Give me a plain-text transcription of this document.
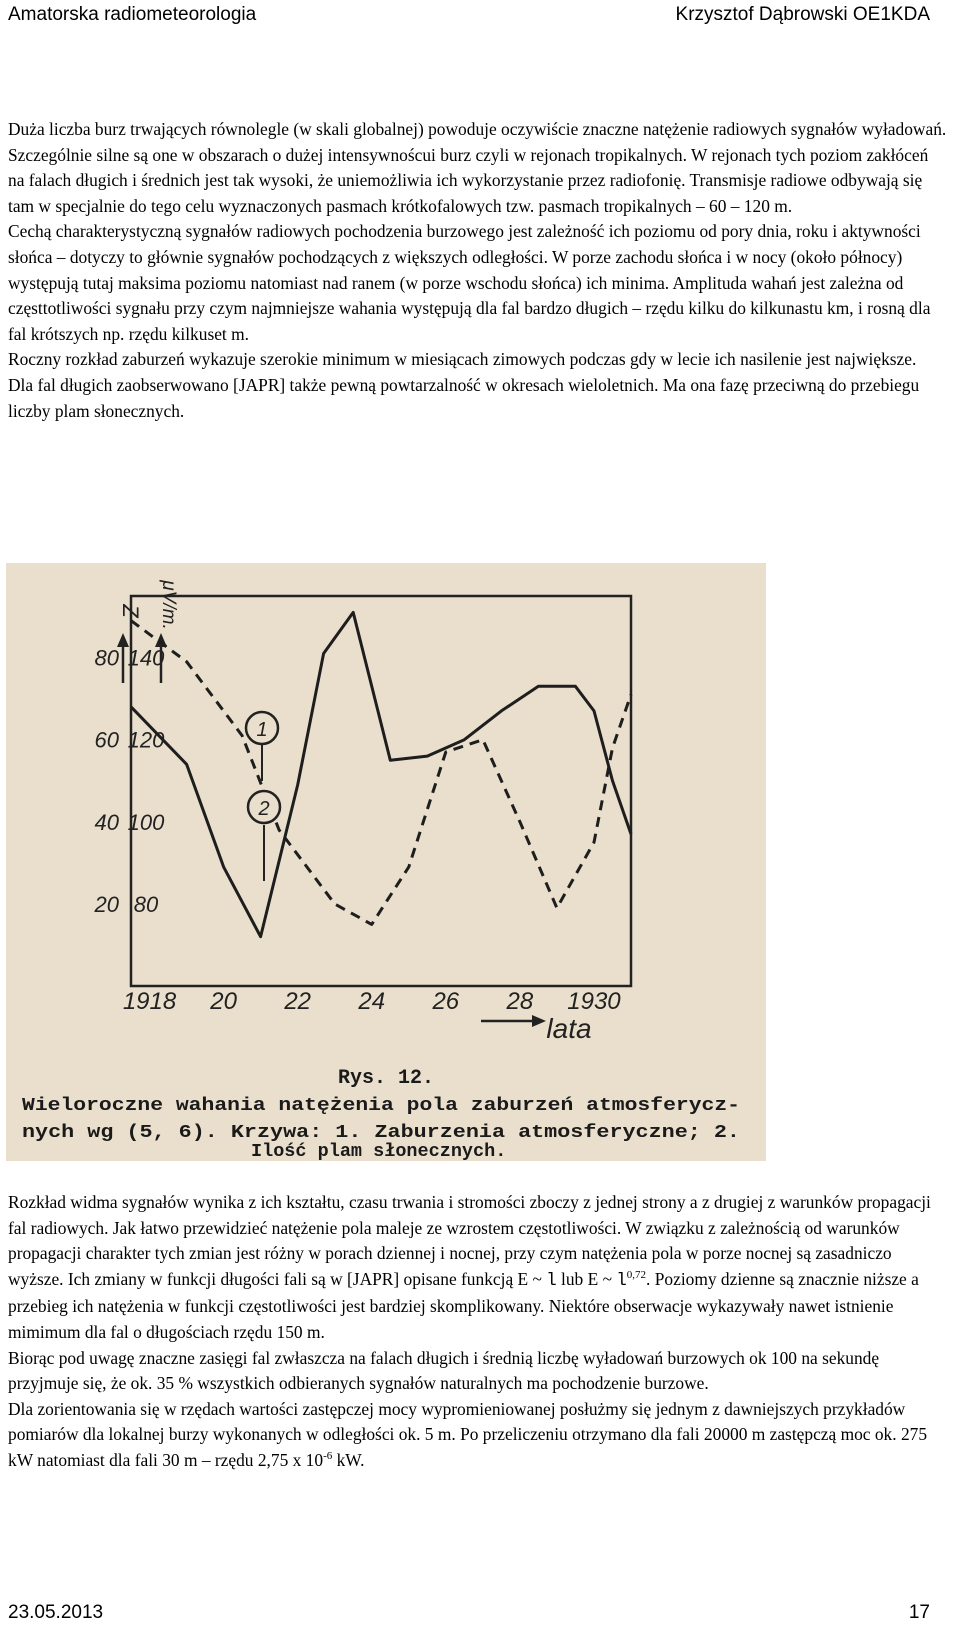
Amatorska radiometeorologia	Krzysztof Dąbrowski OE1KDA

Duża liczba burz trwających równolegle (w skali globalnej) powoduje oczywiście znaczne natężenie radiowych sygnałów wyładowań. Szczególnie silne są one w obszarach o dużej intensywnoścui burz czyli w rejonach tropikalnych. W rejonach tych poziom zakłóceń na falach długich i średnich jest tak wysoki, że uniemożliwia ich wykorzystanie przez radiofonię. Transmisje radiowe odbywają się tam w specjalnie do tego celu wyznaczonych pasmach krótkofalowych tzw. pasmach tropikalnych – 60 – 120 m.

Cechą charakterystyczną sygnałów radiowych pochodzenia burzowego jest zależność ich poziomu od pory dnia, roku i aktywności słońca – dotyczy to głównie sygnałów pochodzących z większych odległości. W porze zachodu słońca i w nocy (około północy) występują tutaj maksima poziomu natomiast nad ranem (w porze wschodu słońca) ich minima. Amplituda wahań jest zależna od częsttotliwości sygnału przy czym najmniejsze wahania występują dla fal bardzo długich – rzędu kilku do kilkunastu km, i rosną dla fal krótszych np. rzędu kilkuset m.

Roczny rozkład zaburzeń wykazuje szerokie minimum w miesiącach zimowych podczas gdy w lecie ich nasilenie jest największe.

Dla fal długich zaobserwowano [JAPR] także pewną powtarzalność w okresach wieloletnich. Ma ona fazę przeciwną do przebiegu liczby plam słonecznych.

Z μV/m.
lata
20 80
40 100
60 120
80 140
1918 20 22 24 26 28 1930
1
2
Rys. 12.
Wieloroczne wahania natężenia pola zaburzeń atmosferycz-
nych wg (5, 6). Krzywa: 1. Zaburzenia atmosferyczne; 2.
Ilość plam słonecznych.

Rozkład widma sygnałów wynika z ich kształtu, czasu trwania i stromości zboczy z jednej strony a z drugiej z warunków propagacji fal radiowych. Jak łatwo przewidzieć natężenie pola maleje ze wzrostem częstotliwości. W związku z zależnością od warunków propagacji charakter tych zmian jest różny w porach dziennej i nocnej, przy czym natężenia pola w porze nocnej są zasadniczo wyższe. Ich zmiany w funkcji długości fali są w [JAPR] opisane funkcją E ~ l lub E ~ $l^{0,72}$. Poziomy dzienne są znacznie niższe a przebieg ich natężenia w funkcji częstotliwości jest bardziej skomplikowany. Niektóre obserwacje wykazywały nawet istnienie mimimum dla fal o długościach rzędu 150 m.

Biorąc pod uwagę znaczne zasięgi fal zwłaszcza na falach długich i średnią liczbę wyładowań burzowych ok 100 na sekundę przyjmuje się, że ok. 35 % wszystkich odbieranych sygnałów naturalnych ma pochodzenie burzowe.

Dla zorientowania się w rzędach wartości zastępczej mocy wypromieniowanej posłużmy się jednym z dawniejszych przykładów pomiarów dla lokalnej burzy wykonanych w odległości ok. 5 m. Po przeliczeniu otrzymano dla fali 20000 m zastępczą moc ok. 275 kW natomiast dla fali 30 m – rzędu 2,75 x $10^{-6}$ kW.

23.05.2013	17
